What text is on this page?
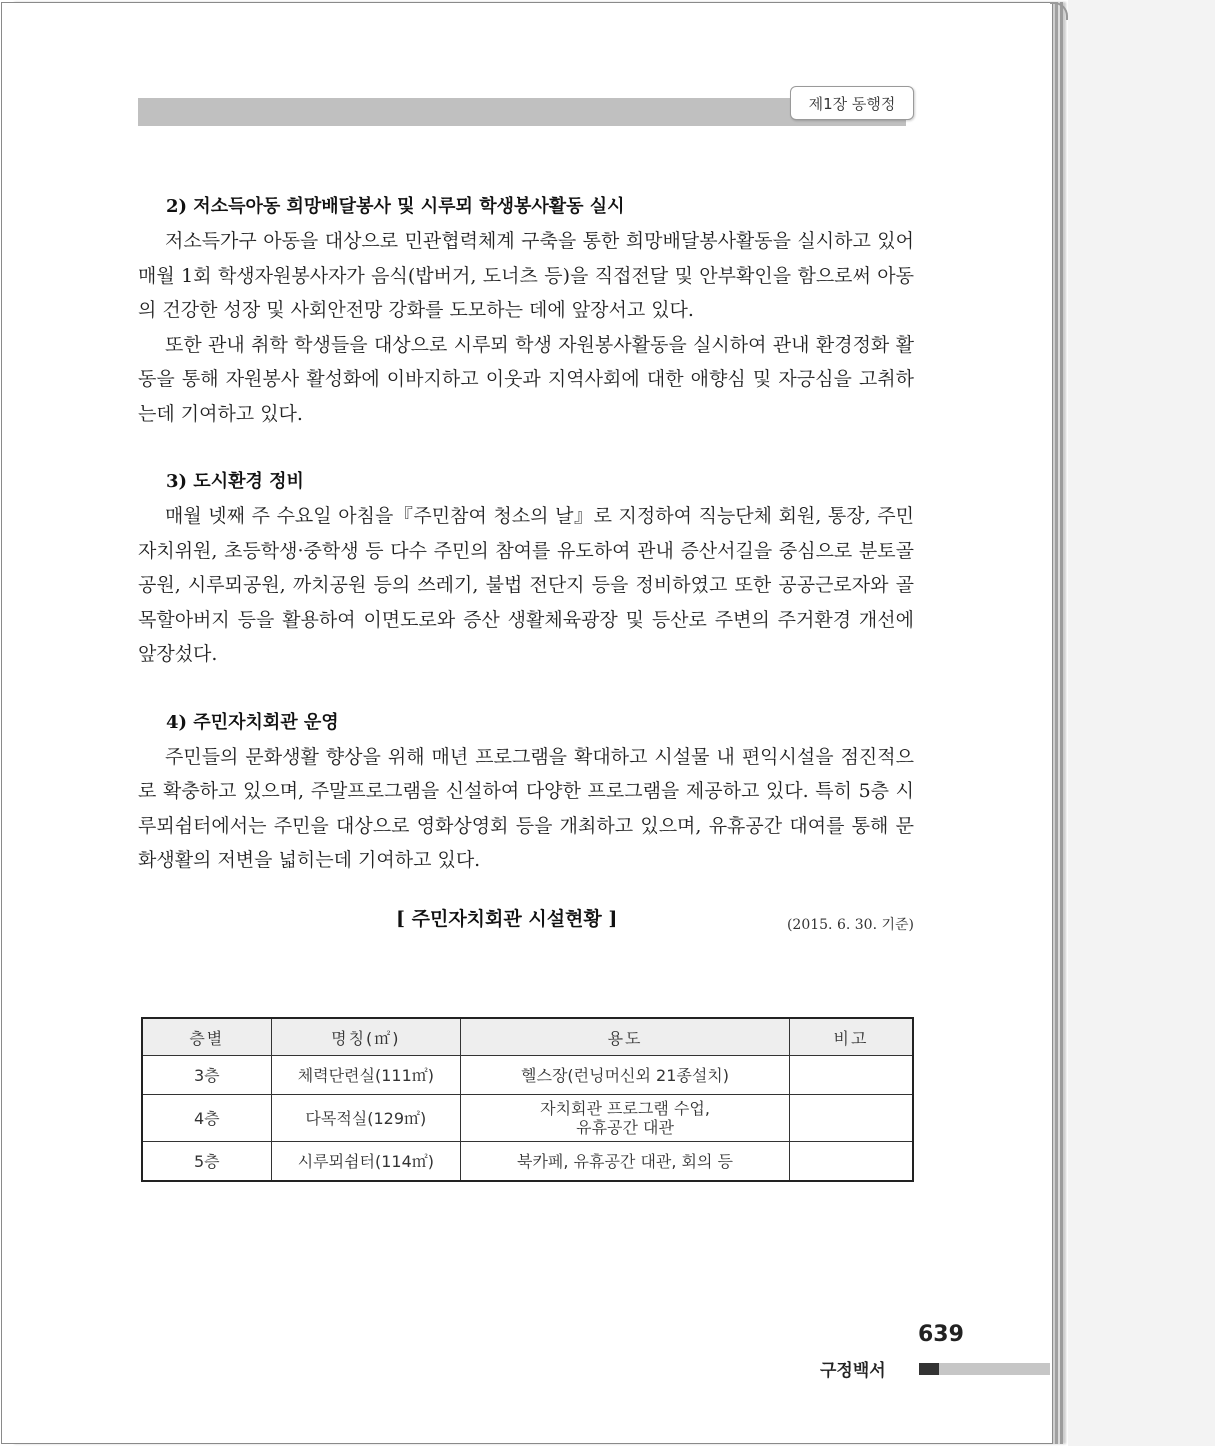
제1장 동행정
2) 저소득아동 희망배달봉사 및 시루뫼 학생봉사활동 실시

저소득가구 아동을 대상으로 민관협력체계 구축을 통한 희망배달봉사활동을 실시하고 있어 매월 1회 학생자원봉사자가 음식(밥버거, 도너츠 등)을 직접전달 및 안부확인을 함으로써 아동의 건강한 성장 및 사회안전망 강화를 도모하는 데에 앞장서고 있다.

또한 관내 취학 학생들을 대상으로 시루뫼 학생 자원봉사활동을 실시하여 관내 환경정화 활동을 통해 자원봉사 활성화에 이바지하고 이웃과 지역사회에 대한 애향심 및 자긍심을 고취하는데 기여하고 있다.

3) 도시환경 정비

매월 넷째 주 수요일 아침을『주민참여 청소의 날』로 지정하여 직능단체 회원, 통장, 주민자치위원, 초등학생·중학생 등 다수 주민의 참여를 유도하여 관내 증산서길을 중심으로 분토골공원, 시루뫼공원, 까치공원 등의 쓰레기, 불법 전단지 등을 정비하였고 또한 공공근로자와 골목할아버지 등을 활용하여 이면도로와 증산 생활체육광장 및 등산로 주변의 주거환경 개선에 앞장섰다.

4) 주민자치회관 운영

주민들의 문화생활 향상을 위해 매년 프로그램을 확대하고 시설물 내 편익시설을 점진적으로 확충하고 있으며, 주말프로그램을 신설하여 다양한 프로그램을 제공하고 있다. 특히 5층 시루뫼쉼터에서는 주민을 대상으로 영화상영회 등을 개최하고 있으며, 유휴공간 대여를 통해 문화생활의 저변을 넓히는데 기여하고 있다.

[ 주민자치회관 시설현황 ]	(2015. 6. 30. 기준)
층별	명칭(㎡)	용도	비고
3층	체력단련실(111㎡)	헬스장(런닝머신외 21종설치)	
4층	다목적실(129㎡)	자치회관 프로그램 수업,
유휴공간 대관	
5층	시루뫼쉼터(114㎡)	북카페, 유휴공간 대관, 회의 등	
639
구정백서
